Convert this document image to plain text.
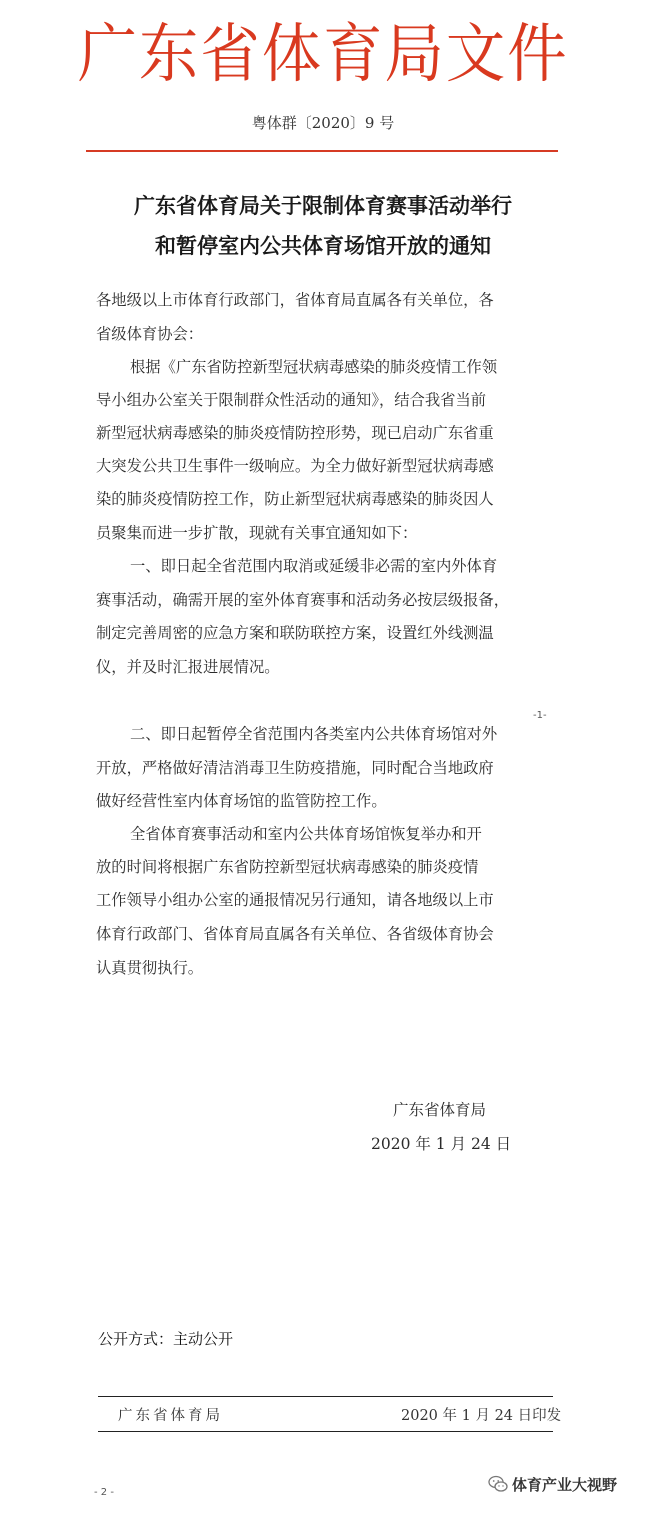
广东省体育局文件
粤体群〔2020〕9 号
广东省体育局关于限制体育赛事活动举行
和暂停室内公共体育场馆开放的通知
各地级以上市体育行政部门，省体育局直属各有关单位，各
省级体育协会：
根据《广东省防控新型冠状病毒感染的肺炎疫情工作领
导小组办公室关于限制群众性活动的通知》，结合我省当前
新型冠状病毒感染的肺炎疫情防控形势，现已启动广东省重
大突发公共卫生事件一级响应。为全力做好新型冠状病毒感
染的肺炎疫情防控工作，防止新型冠状病毒感染的肺炎因人
员聚集而进一步扩散，现就有关事宜通知如下：
一、即日起全省范围内取消或延缓非必需的室内外体育
赛事活动，确需开展的室外体育赛事和活动务必按层级报备，
制定完善周密的应急方案和联防联控方案，设置红外线测温
仪，并及时汇报进展情况。
-1-
二、即日起暂停全省范围内各类室内公共体育场馆对外
开放，严格做好清洁消毒卫生防疫措施，同时配合当地政府
做好经营性室内体育场馆的监管防控工作。
全省体育赛事活动和室内公共体育场馆恢复举办和开
放的时间将根据广东省防控新型冠状病毒感染的肺炎疫情
工作领导小组办公室的通报情况另行通知，请各地级以上市
体育行政部门、省体育局直属各有关单位、各省级体育协会
认真贯彻执行。
广东省体育局
2020 年 1 月 24 日
公开方式：主动公开
广东省体育局	2020 年 1 月 24 日印发
- 2 -	体育产业大视野
